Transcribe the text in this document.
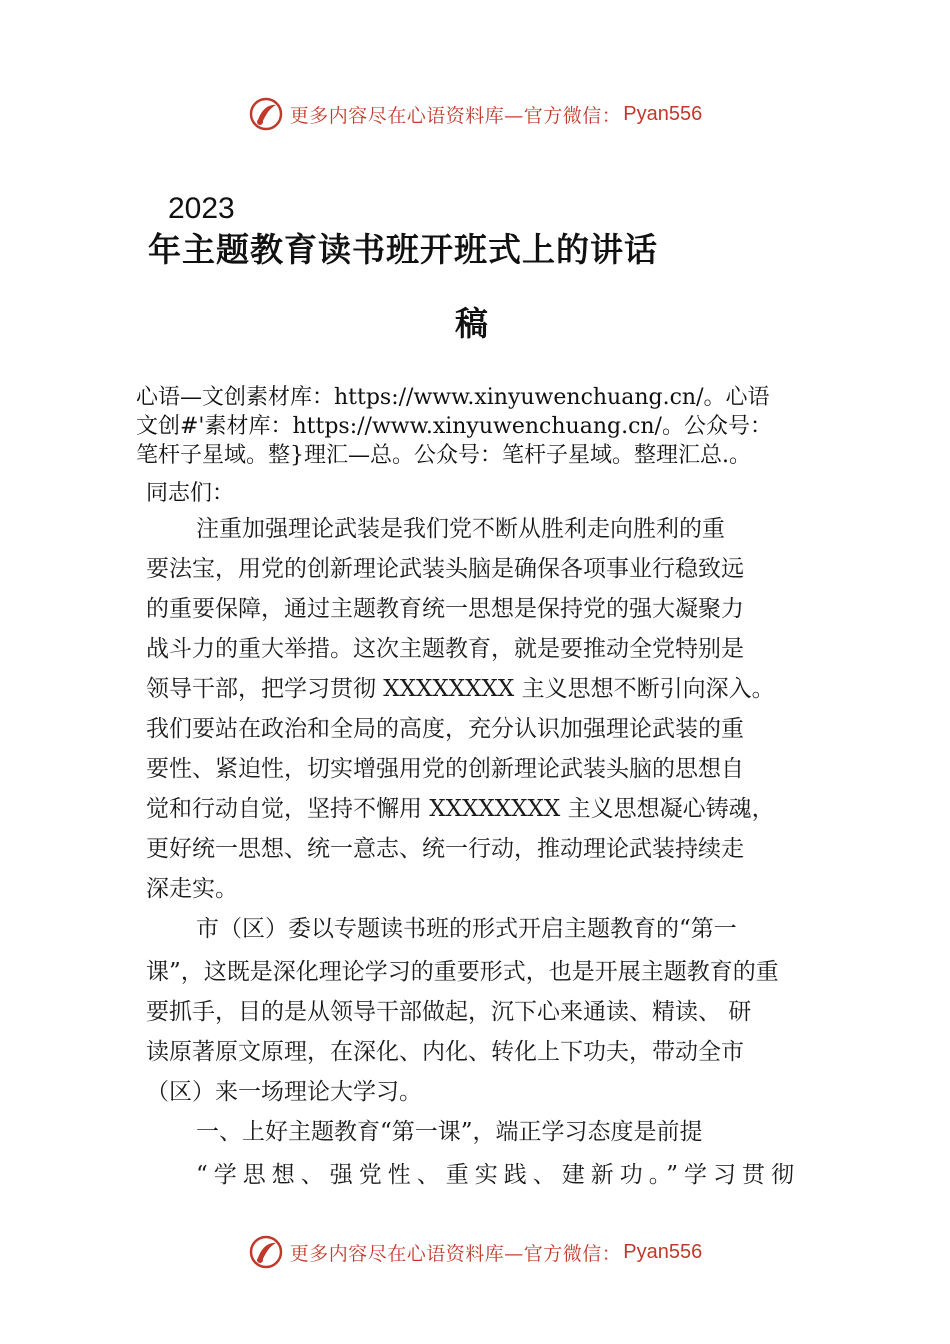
更多内容尽在心语资料库—官方微信： Pyan556
2023
年主题教育读书班开班式上的讲话
稿
心语—文创素材库：https://www.xinyuwenchuang.cn/。心语
文创#'素材库：https://www.xinyuwenchuang.cn/。公众号：
笔杆子星域。整}理汇—总。公众号：笔杆子星域。整理汇总.。
同志们：
注重加强理论武装是我们党不断从胜利走向胜利的重
要法宝，用党的创新理论武装头脑是确保各项事业行稳致远
的重要保障，通过主题教育统一思想是保持党的强大凝聚力
战斗力的重大举措。这次主题教育，就是要推动全党特别是
领导干部，把学习贯彻 XXXXXXXX 主义思想不断引向深入。
我们要站在政治和全局的高度，充分认识加强理论武装的重
要性、紧迫性，切实增强用党的创新理论武装头脑的思想自
觉和行动自觉，坚持不懈用 XXXXXXXX 主义思想凝心铸魂，
更好统一思想、统一意志、统一行动，推动理论武装持续走
深走实。
市（区）委以专题读书班的形式开启主题教育的“第一
课”，这既是深化理论学习的重要形式，也是开展主题教育的重
要抓手，目的是从领导干部做起，沉下心来通读、精读、 研
读原著原文原理，在深化、内化、转化上下功夫，带动全市
（区）来一场理论大学习。
一、上好主题教育“第一课”，端正学习态度是前提
“学思想、强党性、重实践、建新功。”学习贯彻
更多内容尽在心语资料库—官方微信： Pyan556
